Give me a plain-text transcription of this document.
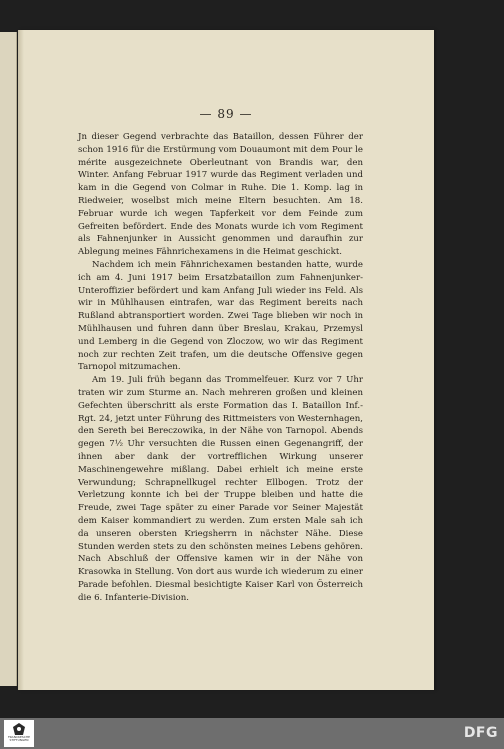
— 89 —

Jn dieser Gegend verbrachte das Bataillon, dessen Führer der schon 1916 für die Erstürmung vom Douaumont mit dem Pour le mérite ausgezeichnete Oberleutnant von Brandis war, den Winter. Anfang Februar 1917 wurde das Regiment verladen und kam in die Gegend von Colmar in Ruhe. Die 1. Komp. lag in Riedweier, woselbst mich meine Eltern besuchten. Am 18. Februar wurde ich wegen Tapferkeit vor dem Feinde zum Gefreiten befördert. Ende des Monats wurde ich vom Regiment als Fahnenjunker in Aussicht genommen und daraufhin zur Ablegung meines Fähnrichexamens in die Heimat geschickt.

Nachdem ich mein Fähnrichexamen bestanden hatte, wurde ich am 4. Juni 1917 beim Ersatzbataillon zum Fahnenjunker-Unteroffizier befördert und kam Anfang Juli wieder ins Feld. Als wir in Mühlhausen eintrafen, war das Regiment bereits nach Rußland abtransportiert worden. Zwei Tage blieben wir noch in Mühlhausen und fuhren dann über Breslau, Krakau, Przemysl und Lemberg in die Gegend von Zloczow, wo wir das Regiment noch zur rechten Zeit trafen, um die deutsche Offensive gegen Tarnopol mitzumachen.

Am 19. Juli früh begann das Trommelfeuer. Kurz vor 7 Uhr traten wir zum Sturme an. Nach mehreren großen und kleinen Gefechten überschritt als erste Formation das I. Bataillon Inf.-Rgt. 24, jetzt unter Führung des Rittmeisters von Westernhagen, den Sereth bei Bereczowika, in der Nähe von Tarnopol. Abends gegen 7½ Uhr versuchten die Russen einen Gegenangriff, der ihnen aber dank der vortrefflichen Wirkung unserer Maschinengewehre mißlang. Dabei erhielt ich meine erste Verwundung; Schrapnellkugel rechter Ellbogen. Trotz der Verletzung konnte ich bei der Truppe bleiben und hatte die Freude, zwei Tage später zu einer Parade vor Seiner Majestät dem Kaiser kommandiert zu werden. Zum ersten Male sah ich da unseren obersten Kriegsherrn in nächster Nähe. Diese Stunden werden stets zu den schönsten meines Lebens gehören. Nach Abschluß der Offensive kamen wir in der Nähe von Krasowka in Stellung. Von dort aus wurde ich wiederum zu einer Parade befohlen. Diesmal besichtigte Kaiser Karl von Österreich die 6. Infanterie-Division.

FRANCKESCHE STIFTUNGEN	DFG
